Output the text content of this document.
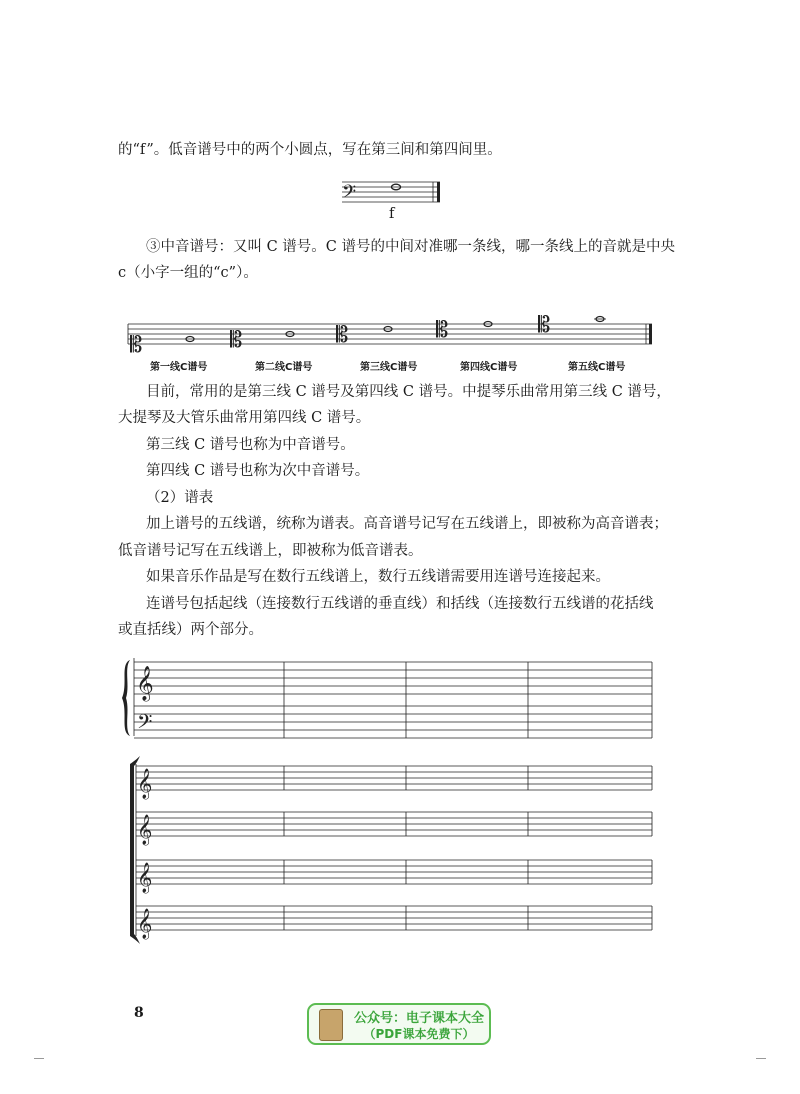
的“f”。低音谱号中的两个小圆点，写在第三间和第四间里。

𝄢
f

③中音谱号：又叫 C 谱号。C 谱号的中间对准哪一条线，哪一条线上的音就是中央

c（小字一组的“c”）。

𝄡	𝄡	𝄡	𝄡	𝄡
第一线C谱号	第二线C谱号	第三线C谱号	第四线C谱号	第五线C谱号

目前，常用的是第三线 C 谱号及第四线 C 谱号。中提琴乐曲常用第三线 C 谱号，

大提琴及大管乐曲常用第四线 C 谱号。

第三线 C 谱号也称为中音谱号。

第四线 C 谱号也称为次中音谱号。

（2）谱表

加上谱号的五线谱，统称为谱表。高音谱号记写在五线谱上，即被称为高音谱表；

低音谱号记写在五线谱上，即被称为低音谱表。

如果音乐作品是写在数行五线谱上，数行五线谱需要用连谱号连接起来。

连谱号包括起线（连接数行五线谱的垂直线）和括线（连接数行五线谱的花括线

或直括线）两个部分。

𝄞
𝄢
𝄞
𝄞
𝄞
𝄞
8	公众号：电子课本大全
（PDF课本免费下）
